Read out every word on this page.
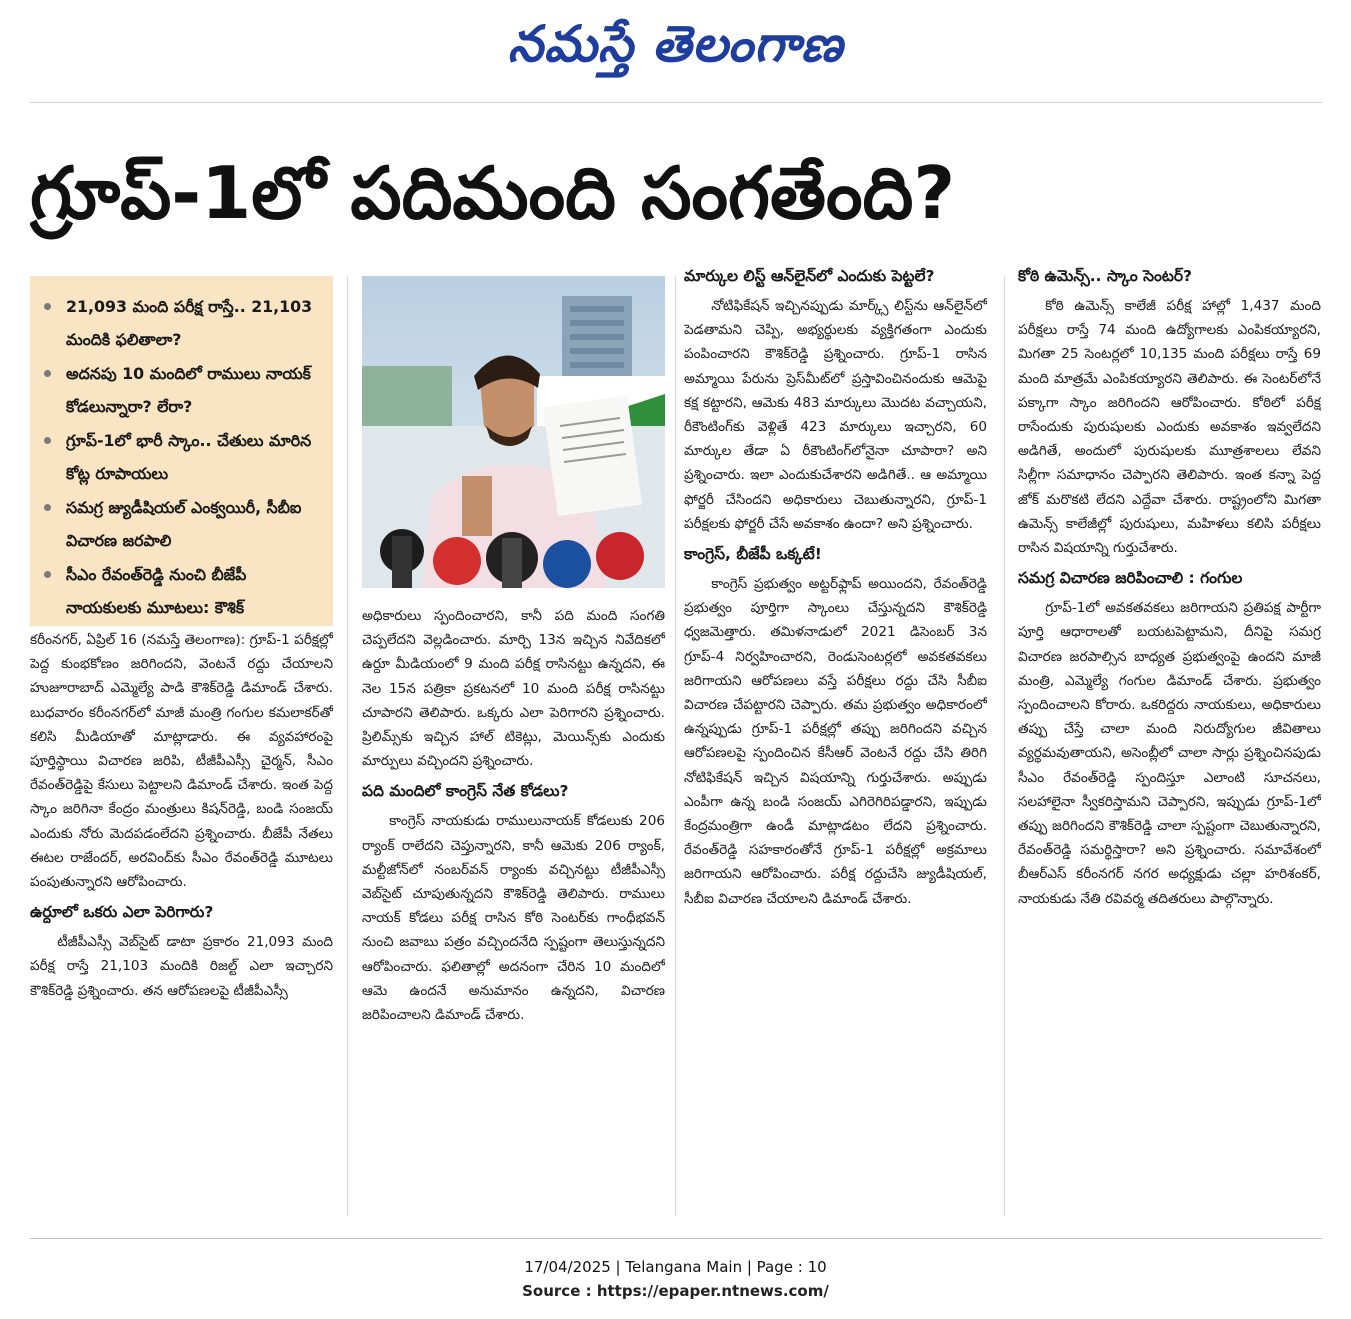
నమస్తే తెలంగాణ
గ్రూప్‌-1లో పదిమంది సంగతేంది?
21,093 మంది పరీక్ష రాస్తే.. 21,103 మందికి ఫలితాలా?
అదనపు 10 మందిలో రాములు నాయక్‌ కోడలున్నారా? లేరా?
గ్రూప్‌-1లో భారీ స్కాం.. చేతులు మారిన కోట్ల రూపాయలు
సమగ్ర జ్యుడీషియల్‌ ఎంక్వయిరీ, సీబీఐ విచారణ జరపాలి
సీఎం రేవంత్‌రెడ్డి నుంచి బీజేపీ నాయకులకు మూటలు: కౌశిక్‌

కరీంనగర్‌, ఏప్రిల్‌ 16 (నమస్తే తెలంగాణ): గ్రూప్‌-1 పరీక్షల్లో పెద్ద కుంభకోణం జరిగిందని, వెంటనే రద్దు చేయాలని హుజూరాబాద్‌ ఎమ్మెల్యే పాడి కౌశిక్‌రెడ్డి డిమాండ్‌ చేశారు. బుధవారం కరీంనగర్‌లో మాజీ మంత్రి గంగుల కమలాకర్‌తో కలిసి మీడియాతో మాట్లాడారు. ఈ వ్యవహారంపై పూర్తిస్థాయి విచారణ జరిపి, టీజీపీఎస్సీ చైర్మన్‌, సీఎం రేవంత్‌రెడ్డిపై కేసులు పెట్టాలని డిమాండ్‌ చేశారు. ఇంత పెద్ద స్కాం జరిగినా కేంద్రం మంత్రులు కిషన్‌రెడ్డి, బండి సంజయ్‌ ఎందుకు నోరు మెదపడంలేదని ప్రశ్నించారు. బీజేపీ నేతలు ఈటల రాజేందర్‌, అరవింద్‌కు సీఎం రేవంత్‌రెడ్డి మూటలు పంపుతున్నారని ఆరోపించారు.

ఉర్దూలో ఒకరు ఎలా పెరిగారు?

టీజీపీఎస్సీ వెబ్‌సైట్‌ డాటా ప్రకారం 21,093 మంది పరీక్ష రాస్తే 21,103 మందికి రిజల్ట్‌ ఎలా ఇచ్చారని కౌశిక్‌రెడ్డి ప్రశ్నించారు. తన ఆరోపణలపై టీజీపీఎస్సీ

అధికారులు స్పందించారని, కానీ పది మంది సంగతి చెప్పలేదని వెల్లడించారు. మార్చి 13న ఇచ్చిన నివేదికలో ఉర్దూ మీడియంలో 9 మంది పరీక్ష రాసినట్టు ఉన్నదని, ఈ నెల 15న పత్రికా ప్రకటనలో 10 మంది పరీక్ష రాసినట్టు చూపారని తెలిపారు. ఒక్కరు ఎలా పెరిగారని ప్రశ్నించారు. ప్రిలిమ్స్‌కు ఇచ్చిన హాల్‌ టికెట్లు, మెయిన్స్‌కు ఎందుకు మార్పులు వచ్చిందని ప్రశ్నించారు.

పది మందిలో కాంగ్రెస్‌ నేత కోడలు?

కాంగ్రెస్‌ నాయకుడు రాములునాయక్‌ కోడలుకు 206 ర్యాంక్‌ రాలేదని చెప్తున్నారని, కానీ ఆమెకు 206 ర్యాంక్‌, మల్టీజోన్‌లో నంబర్‌వన్‌ ర్యాంకు వచ్చినట్టు టీజీపీఎస్సీ వెబ్‌సైట్‌ చూపుతున్నదని కౌశిక్‌రెడ్డి తెలిపారు. రాములు నాయక్‌ కోడలు పరీక్ష రాసిన కోఠి సెంటర్‌కు గాంధీభవన్‌ నుంచి జవాబు పత్రం వచ్చిందనేది స్పష్టంగా తెలుస్తున్నదని ఆరోపించారు. ఫలితాల్లో అదనంగా చేరిన 10 మందిలో ఆమె ఉందనే అనుమానం ఉన్నదని, విచారణ జరిపించాలని డిమాండ్‌ చేశారు.

మార్కుల లిస్ట్‌ ఆన్‌లైన్‌లో ఎందుకు పెట్టలే?

నోటిఫికేషన్‌ ఇచ్చినప్పుడు మార్క్స్‌ లిస్ట్‌ను ఆన్‌లైన్‌లో పెడతామని చెప్పి, అభ్యర్థులకు వ్యక్తిగతంగా ఎందుకు పంపించారని కౌశిక్‌రెడ్డి ప్రశ్నించారు. గ్రూప్‌-1 రాసిన అమ్మాయి పేరును ప్రెస్‌మీట్‌లో ప్రస్తావించినందుకు ఆమెపై కక్ష కట్టారని, ఆమెకు 483 మార్కులు మొదట వచ్చాయని, రీకౌంటింగ్‌కు వెళ్లితే 423 మార్కులు ఇచ్చారని, 60 మార్కుల తేడా ఏ రీకౌంటింగ్‌లోనైనా చూపారా? అని ప్రశ్నించారు. ఇలా ఎందుకుచేశారని అడిగితే.. ఆ అమ్మాయి ఫోర్జరీ చేసిందని అధికారులు చెబుతున్నారని, గ్రూప్‌-1 పరీక్షలకు ఫోర్జరీ చేసే అవకాశం ఉందా? అని ప్రశ్నించారు.

కాంగ్రెస్‌, బీజేపీ ఒక్కటే!

కాంగ్రెస్‌ ప్రభుత్వం అట్టర్‌ఫ్లాప్‌ అయిందని, రేవంత్‌రెడ్డి ప్రభుత్వం పూర్తిగా స్కాంలు చేస్తున్నదని కౌశిక్‌రెడ్డి ధ్వజమెత్తారు. తమిళనాడులో 2021 డిసెంబర్‌ 3న గ్రూప్‌-4 నిర్వహించారని, రెండుసెంటర్లలో అవకతవకలు జరిగాయని ఆరోపణలు వస్తే పరీక్షలు రద్దు చేసి సీబీఐ విచారణ చేపట్టారని చెప్పారు. తమ ప్రభుత్వం అధికారంలో ఉన్నప్పుడు గ్రూప్‌-1 పరీక్షల్లో తప్పు జరిగిందని వచ్చిన ఆరోపణలపై స్పందించిన కేసీఆర్‌ వెంటనే రద్దు చేసి తిరిగి నోటిఫికేషన్‌ ఇచ్చిన విషయాన్ని గుర్తుచేశారు. అప్పుడు ఎంపీగా ఉన్న బండి సంజయ్‌ ఎగిరెగిరిపడ్డారని, ఇప్పుడు కేంద్రమంత్రిగా ఉండీ మాట్లాడటం లేదని ప్రశ్నించారు. రేవంత్‌రెడ్డి సహకారంతోనే గ్రూప్‌-1 పరీక్షల్లో అక్రమాలు జరిగాయని ఆరోపించారు. పరీక్ష రద్దుచేసి జ్యుడీషియల్‌, సీబీఐ విచారణ చేయాలని డిమాండ్‌ చేశారు.

కోఠి ఉమెన్స్‌.. స్కాం సెంటర్‌?

కోఠి ఉమెన్స్‌ కాలేజీ పరీక్ష హాల్లో 1,437 మంది పరీక్షలు రాస్తే 74 మంది ఉద్యోగాలకు ఎంపికయ్యారని, మిగతా 25 సెంటర్లలో 10,135 మంది పరీక్షలు రాస్తే 69 మంది మాత్రమే ఎంపికయ్యారని తెలిపారు. ఈ సెంటర్‌లోనే పక్కాగా స్కాం జరిగిందని ఆరోపించారు. కోఠిలో పరీక్ష రాసేందుకు పురుషులకు ఎందుకు అవకాశం ఇవ్వలేదని అడిగితే, అందులో పురుషులకు మూత్రశాలలు లేవని సిల్లీగా సమాధానం చెప్పారని తెలిపారు. ఇంత కన్నా పెద్ద జోక్‌ మరొకటి లేదని ఎద్దేవా చేశారు. రాష్ట్రంలోని మిగతా ఉమెన్స్‌ కాలేజీల్లో పురుషులు, మహిళలు కలిసి పరీక్షలు రాసిన విషయాన్ని గుర్తుచేశారు.

సమగ్ర విచారణ జరిపించాలి : గంగుల

గ్రూప్‌-1లో అవకతవకలు జరిగాయని ప్రతిపక్ష పార్టీగా పూర్తి ఆధారాలతో బయటపెట్టామని, దీనిపై సమగ్ర విచారణ జరపాల్సిన బాధ్యత ప్రభుత్వంపై ఉందని మాజీ మంత్రి, ఎమ్మెల్యే గంగుల డిమాండ్‌ చేశారు. ప్రభుత్వం స్పందించాలని కోరారు. ఒకరిద్దరు నాయకులు, అధికారులు తప్పు చేస్తే చాలా మంది నిరుద్యోగుల జీవితాలు వ్యర్థమవుతాయని, అసెంబ్లీలో చాలా సార్లు ప్రశ్నించినపుడు సీఎం రేవంత్‌రెడ్డి స్పందిస్తూ ఎలాంటి సూచనలు, సలహాలైనా స్వీకరిస్తామని చెప్పారని, ఇప్పుడు గ్రూప్‌-1లో తప్పు జరిగిందని కౌశిక్‌రెడ్డి చాలా స్పష్టంగా చెబుతున్నారని, రేవంత్‌రెడ్డి సమర్థిస్తారా? అని ప్రశ్నించారు. సమావేశంలో బీఆర్‌ఎస్‌ కరీంనగర్‌ నగర అధ్యక్షుడు చల్లా హరిశంకర్‌, నాయకుడు నేతి రవివర్మ తదితరులు పాల్గొన్నారు.

17/04/2025 | Telangana Main | Page : 10
Source : https://epaper.ntnews.com/
